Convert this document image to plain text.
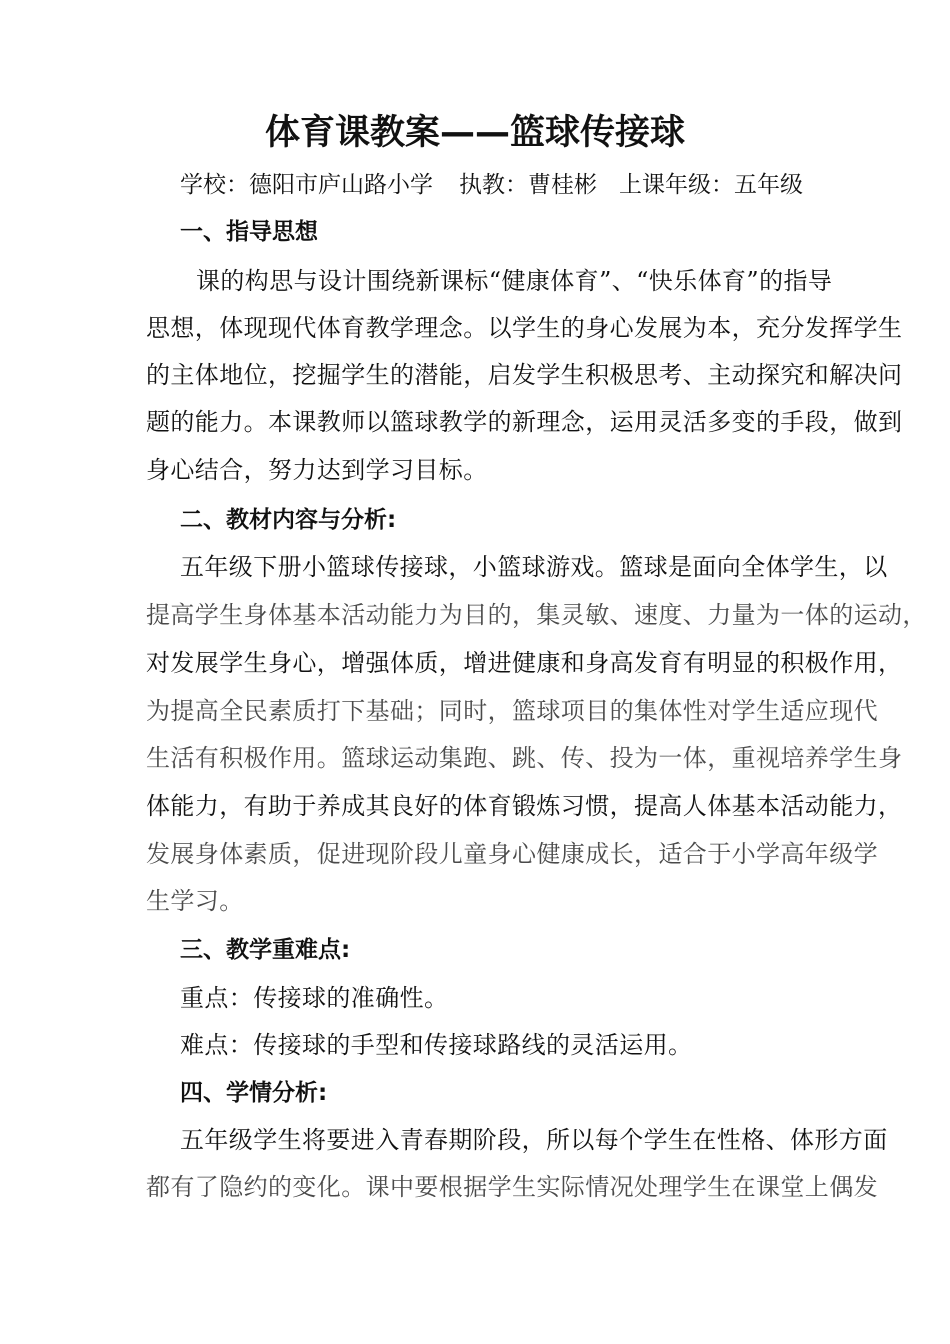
体育课教案——篮球传接球
学校：德阳市庐山路小学 执教：曹桂彬 上课年级：五年级
一、指导思想
课的构思与设计围绕新课标“健康体育”、“快乐体育”的指导
思想，体现现代体育教学理念。以学生的身心发展为本，充分发挥学生
的主体地位，挖掘学生的潜能，启发学生积极思考、主动探究和解决问
题的能力。本课教师以篮球教学的新理念，运用灵活多变的手段，做到
身心结合，努力达到学习目标。
二、教材内容与分析:
五年级下册小篮球传接球，小篮球游戏。篮球是面向全体学生，以
提高学生身体基本活动能力为目的，集灵敏、速度、力量为一体的运动，
对发展学生身心，增强体质，增进健康和身高发育有明显的积极作用，
为提高全民素质打下基础；同时，篮球项目的集体性对学生适应现代
生活有积极作用。篮球运动集跑、跳、传、投为一体，重视培养学生身
体能力，有助于养成其良好的体育锻炼习惯，提高人体基本活动能力，
发展身体素质，促进现阶段儿童身心健康成长，适合于小学高年级学
生学习。
三、教学重难点:
重点：传接球的准确性。
难点：传接球的手型和传接球路线的灵活运用。
四、学情分析:
五年级学生将要进入青春期阶段，所以每个学生在性格、体形方面
都有了隐约的变化。课中要根据学生实际情况处理学生在课堂上偶发
